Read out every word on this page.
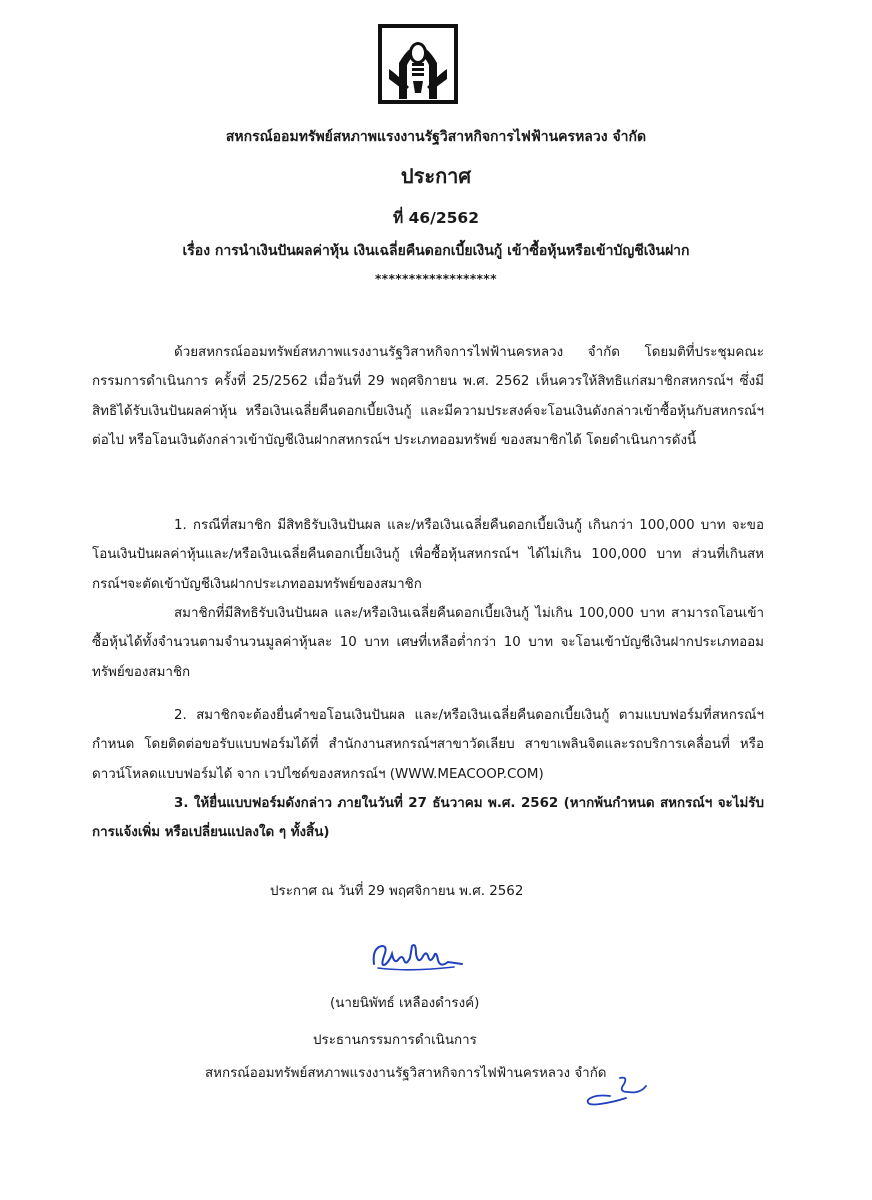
สหกรณ์ออมทรัพย์สหภาพแรงงานรัฐวิสาหกิจการไฟฟ้านครหลวง จำกัด
ประกาศ
ที่ 46/2562
เรื่อง การนำเงินปันผลค่าหุ้น เงินเฉลี่ยคืนดอกเบี้ยเงินกู้ เข้าซื้อหุ้นหรือเข้าบัญชีเงินฝาก
******************
ด้วยสหกรณ์ออมทรัพย์สหภาพแรงงานรัฐวิสาหกิจการไฟฟ้านครหลวง จำกัด โดยมติที่ประชุมคณะกรรมการดำเนินการ ครั้งที่ 25/2562 เมื่อวันที่ 29 พฤศจิกายน พ.ศ. 2562 เห็นควรให้สิทธิแก่สมาชิกสหกรณ์ฯ ซึ่งมีสิทธิได้รับเงินปันผลค่าหุ้น หรือเงินเฉลี่ยคืนดอกเบี้ยเงินกู้ และมีความประสงค์จะโอนเงินดังกล่าวเข้าซื้อหุ้นกับสหกรณ์ฯต่อไป หรือโอนเงินดังกล่าวเข้าบัญชีเงินฝากสหกรณ์ฯ ประเภทออมทรัพย์ ของสมาชิกได้ โดยดำเนินการดังนี้
1. กรณีที่สมาชิก มีสิทธิรับเงินปันผล และ/หรือเงินเฉลี่ยคืนดอกเบี้ยเงินกู้ เกินกว่า 100,000 บาท จะขอโอนเงินปันผลค่าหุ้นและ/หรือเงินเฉลี่ยคืนดอกเบี้ยเงินกู้ เพื่อซื้อหุ้นสหกรณ์ฯ ได้ไม่เกิน 100,000 บาท ส่วนที่เกินสหกรณ์ฯจะตัดเข้าบัญชีเงินฝากประเภทออมทรัพย์ของสมาชิก
สมาชิกที่มีสิทธิรับเงินปันผล และ/หรือเงินเฉลี่ยคืนดอกเบี้ยเงินกู้ ไม่เกิน 100,000 บาท สามารถโอนเข้าซื้อหุ้นได้ทั้งจำนวนตามจำนวนมูลค่าหุ้นละ 10 บาท เศษที่เหลือต่ำกว่า 10 บาท จะโอนเข้าบัญชีเงินฝากประเภทออมทรัพย์ของสมาชิก
2. สมาชิกจะต้องยื่นคำขอโอนเงินปันผล และ/หรือเงินเฉลี่ยคืนดอกเบี้ยเงินกู้ ตามแบบฟอร์มที่สหกรณ์ฯ กำหนด โดยติดต่อขอรับแบบฟอร์มได้ที่ สำนักงานสหกรณ์ฯสาขาวัดเลียบ สาขาเพลินจิตและรถบริการเคลื่อนที่ หรือดาวน์โหลดแบบฟอร์มได้ จาก เวปไซด์ของสหกรณ์ฯ (WWW.MEACOOP.COM)
3. ให้ยื่นแบบฟอร์มดังกล่าว ภายในวันที่ 27 ธันวาคม พ.ศ. 2562 (หากพ้นกำหนด สหกรณ์ฯ จะไม่รับการแจ้งเพิ่ม หรือเปลี่ยนแปลงใด ๆ ทั้งสิ้น)
ประกาศ ณ วันที่ 29 พฤศจิกายน พ.ศ. 2562
(นายนิพัทธ์ เหลืองดำรงค์)
ประธานกรรมการดำเนินการ
สหกรณ์ออมทรัพย์สหภาพแรงงานรัฐวิสาหกิจการไฟฟ้านครหลวง จำกัด
